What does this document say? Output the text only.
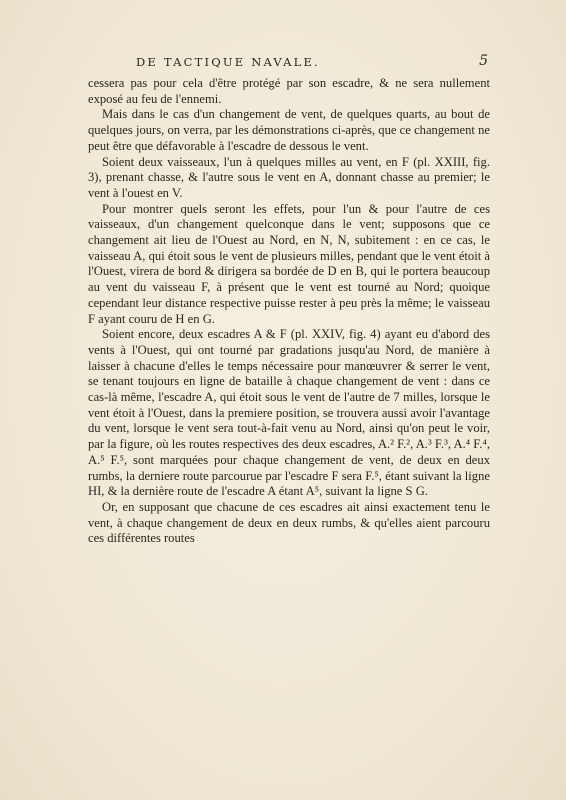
DE TACTIQUE NAVALE.	5

cessera pas pour cela d'être protégé par son escadre, & ne sera nullement exposé au feu de l'ennemi.

Mais dans le cas d'un changement de vent, de quelques quarts, au bout de quelques jours, on verra, par les démonstrations ci-après, que ce changement ne peut être que défavorable à l'escadre de dessous le vent.

Soient deux vaisseaux, l'un à quelques milles au vent, en F (pl. XXIII, fig. 3), prenant chasse, & l'autre sous le vent en A, donnant chasse au premier; le vent à l'ouest en V.

Pour montrer quels seront les effets, pour l'un & pour l'autre de ces vaisseaux, d'un changement quelconque dans le vent; supposons que ce changement ait lieu de l'Ouest au Nord, en N, N, subitement : en ce cas, le vaisseau A, qui étoit sous le vent de plusieurs milles, pendant que le vent étoit à l'Ouest, virera de bord & dirigera sa bordée de D en B, qui le portera beaucoup au vent du vaisseau F, à présent que le vent est tourné au Nord; quoique cependant leur distance respective puisse rester à peu près la même; le vaisseau F ayant couru de H en G.

Soient encore, deux escadres A & F (pl. XXIV, fig. 4) ayant eu d'abord des vents à l'Ouest, qui ont tourné par gradations jusqu'au Nord, de manière à laisser à chacune d'elles le temps nécessaire pour manœuvrer & serrer le vent, se tenant toujours en ligne de bataille à chaque changement de vent : dans ce cas-là même, l'escadre A, qui étoit sous le vent de l'autre de 7 milles, lorsque le vent étoit à l'Ouest, dans la premiere position, se trouvera aussi avoir l'avantage du vent, lorsque le vent sera tout-à-fait venu au Nord, ainsi qu'on peut le voir, par la figure, où les routes respectives des deux escadres, A.² F.², A.³ F.³, A.⁴ F.⁴, A.⁵ F.⁵, sont marquées pour chaque changement de vent, de deux en deux rumbs, la derniere route parcourue par l'escadre F sera F.⁵, étant suivant la ligne HI, & la dernière route de l'escadre A étant A⁵, suivant la ligne S G.

Or, en supposant que chacune de ces escadres ait ainsi exactement tenu le vent, à chaque changement de deux en deux rumbs, & qu'elles aient parcouru ces différentes routes
